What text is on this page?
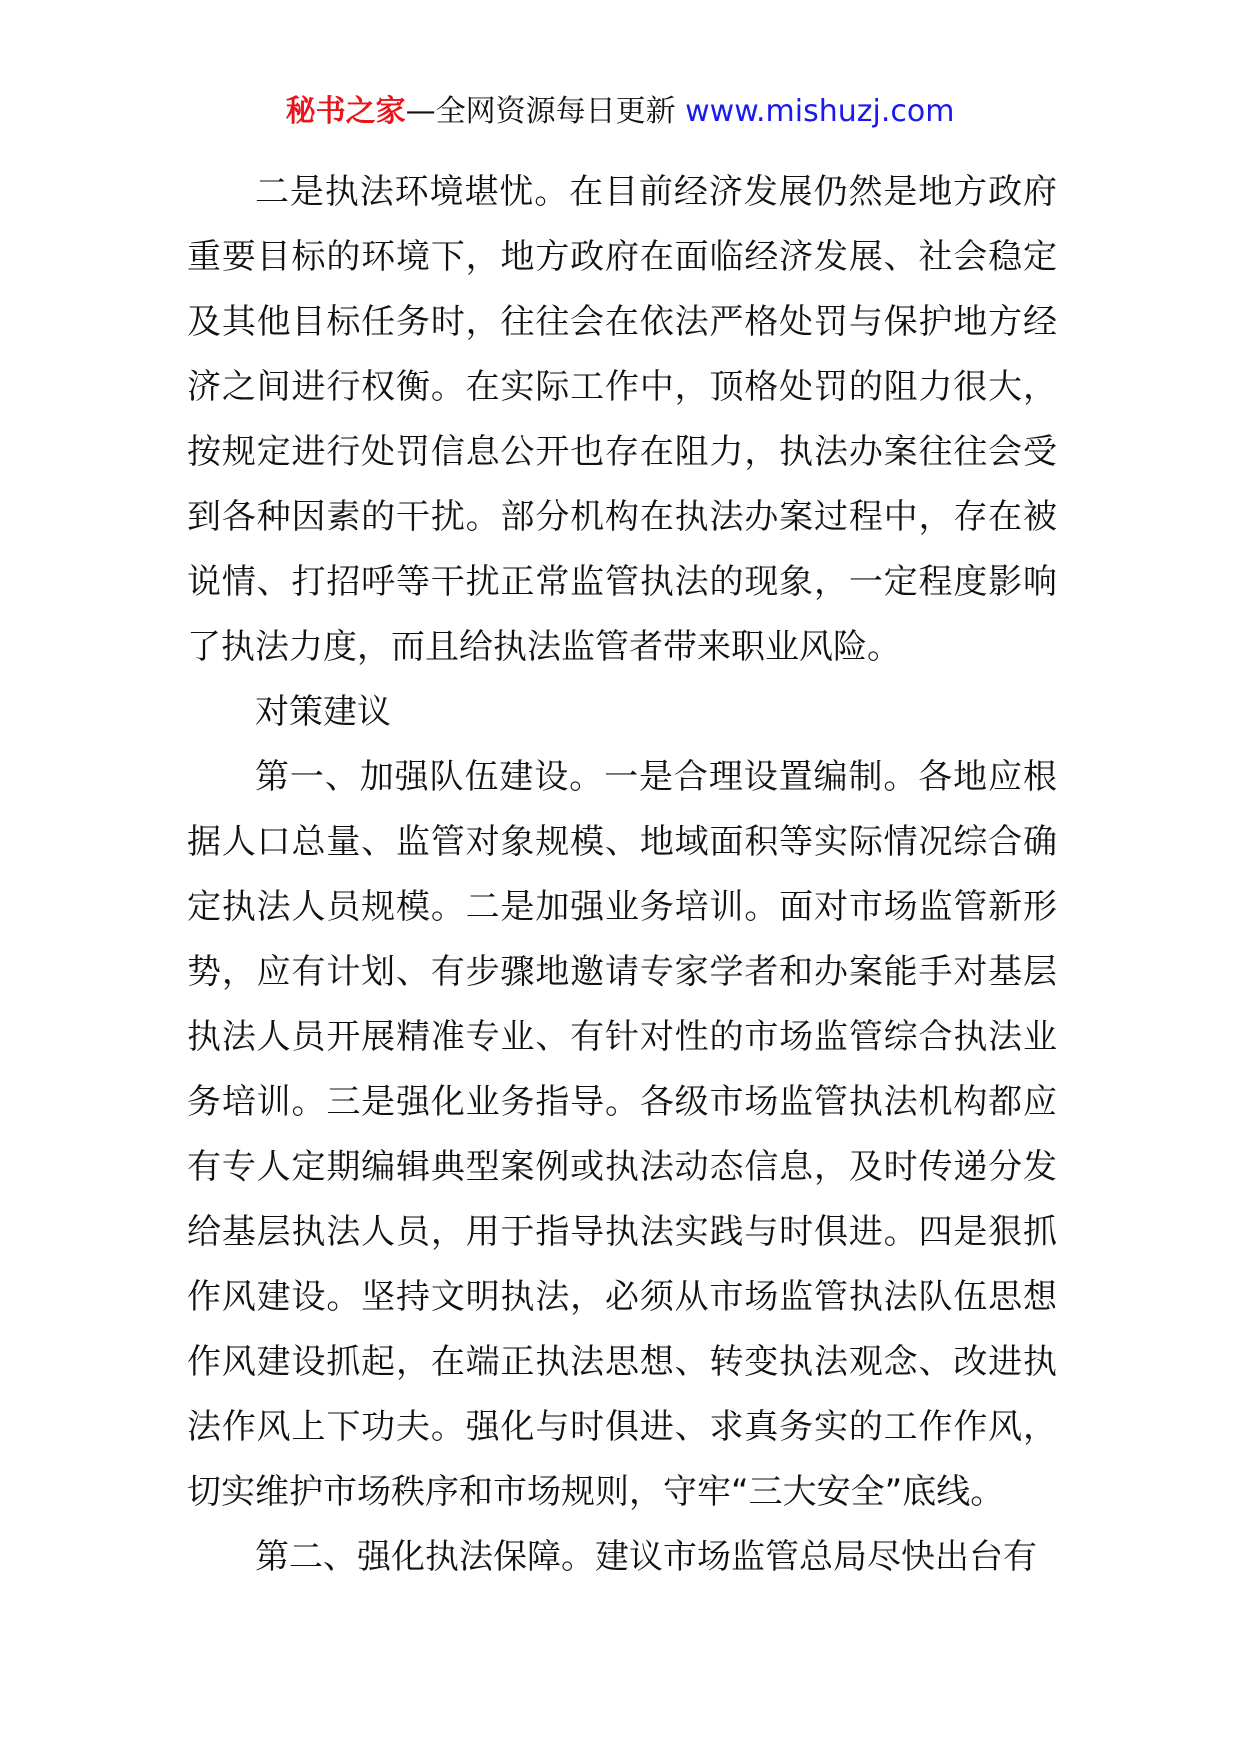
秘书之家—全网资源每日更新 www.mishuzj.com

二是执法环境堪忧。在目前经济发展仍然是地方政府重要目标的环境下，地方政府在面临经济发展、社会稳定及其他目标任务时，往往会在依法严格处罚与保护地方经济之间进行权衡。在实际工作中，顶格处罚的阻力很大，按规定进行处罚信息公开也存在阻力，执法办案往往会受到各种因素的干扰。部分机构在执法办案过程中，存在被说情、打招呼等干扰正常监管执法的现象，一定程度影响了执法力度，而且给执法监管者带来职业风险。

对策建议

第一、加强队伍建设。一是合理设置编制。各地应根据人口总量、监管对象规模、地域面积等实际情况综合确定执法人员规模。二是加强业务培训。面对市场监管新形势，应有计划、有步骤地邀请专家学者和办案能手对基层执法人员开展精准专业、有针对性的市场监管综合执法业务培训。三是强化业务指导。各级市场监管执法机构都应有专人定期编辑典型案例或执法动态信息，及时传递分发给基层执法人员，用于指导执法实践与时俱进。四是狠抓作风建设。坚持文明执法，必须从市场监管执法队伍思想作风建设抓起，在端正执法思想、转变执法观念、改进执法作风上下功夫。强化与时俱进、求真务实的工作作风，切实维护市场秩序和市场规则，守牢“三大安全”底线。

第二、强化执法保障。建议市场监管总局尽快出台有
